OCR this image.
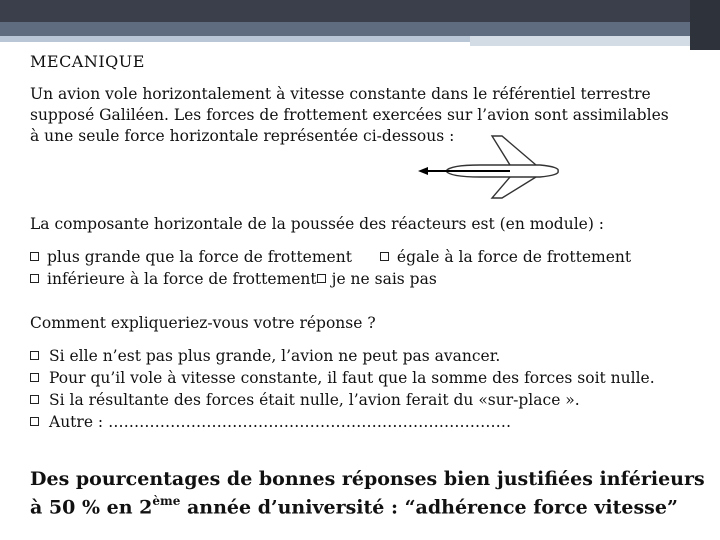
MECANIQUE
Un avion vole horizontalement à vitesse constante dans le référentiel terrestre
supposé Galiléen. Les forces de frottement exercées sur l’avion sont assimilables
à une seule force horizontale représentée ci-dessous :
La composante horizontale de la poussée des réacteurs est (en module) :
plus grande que la force de frottement	égale à la force de frottement
inférieure à la force de frottement je ne sais pas
Comment expliqueriez-vous votre réponse ?
Si elle n’est pas plus grande, l’avion ne peut pas avancer.
Pour qu’il vole à vitesse constante, il faut que la somme des forces soit nulle.
Si la résultante des forces était nulle, l’avion ferait du «sur-place ».
Autre : ……………………………………………………………………
Des pourcentages de bonnes réponses bien justifiées inférieurs
à 50 % en 2ème année d’université : “adhérence force vitesse”
